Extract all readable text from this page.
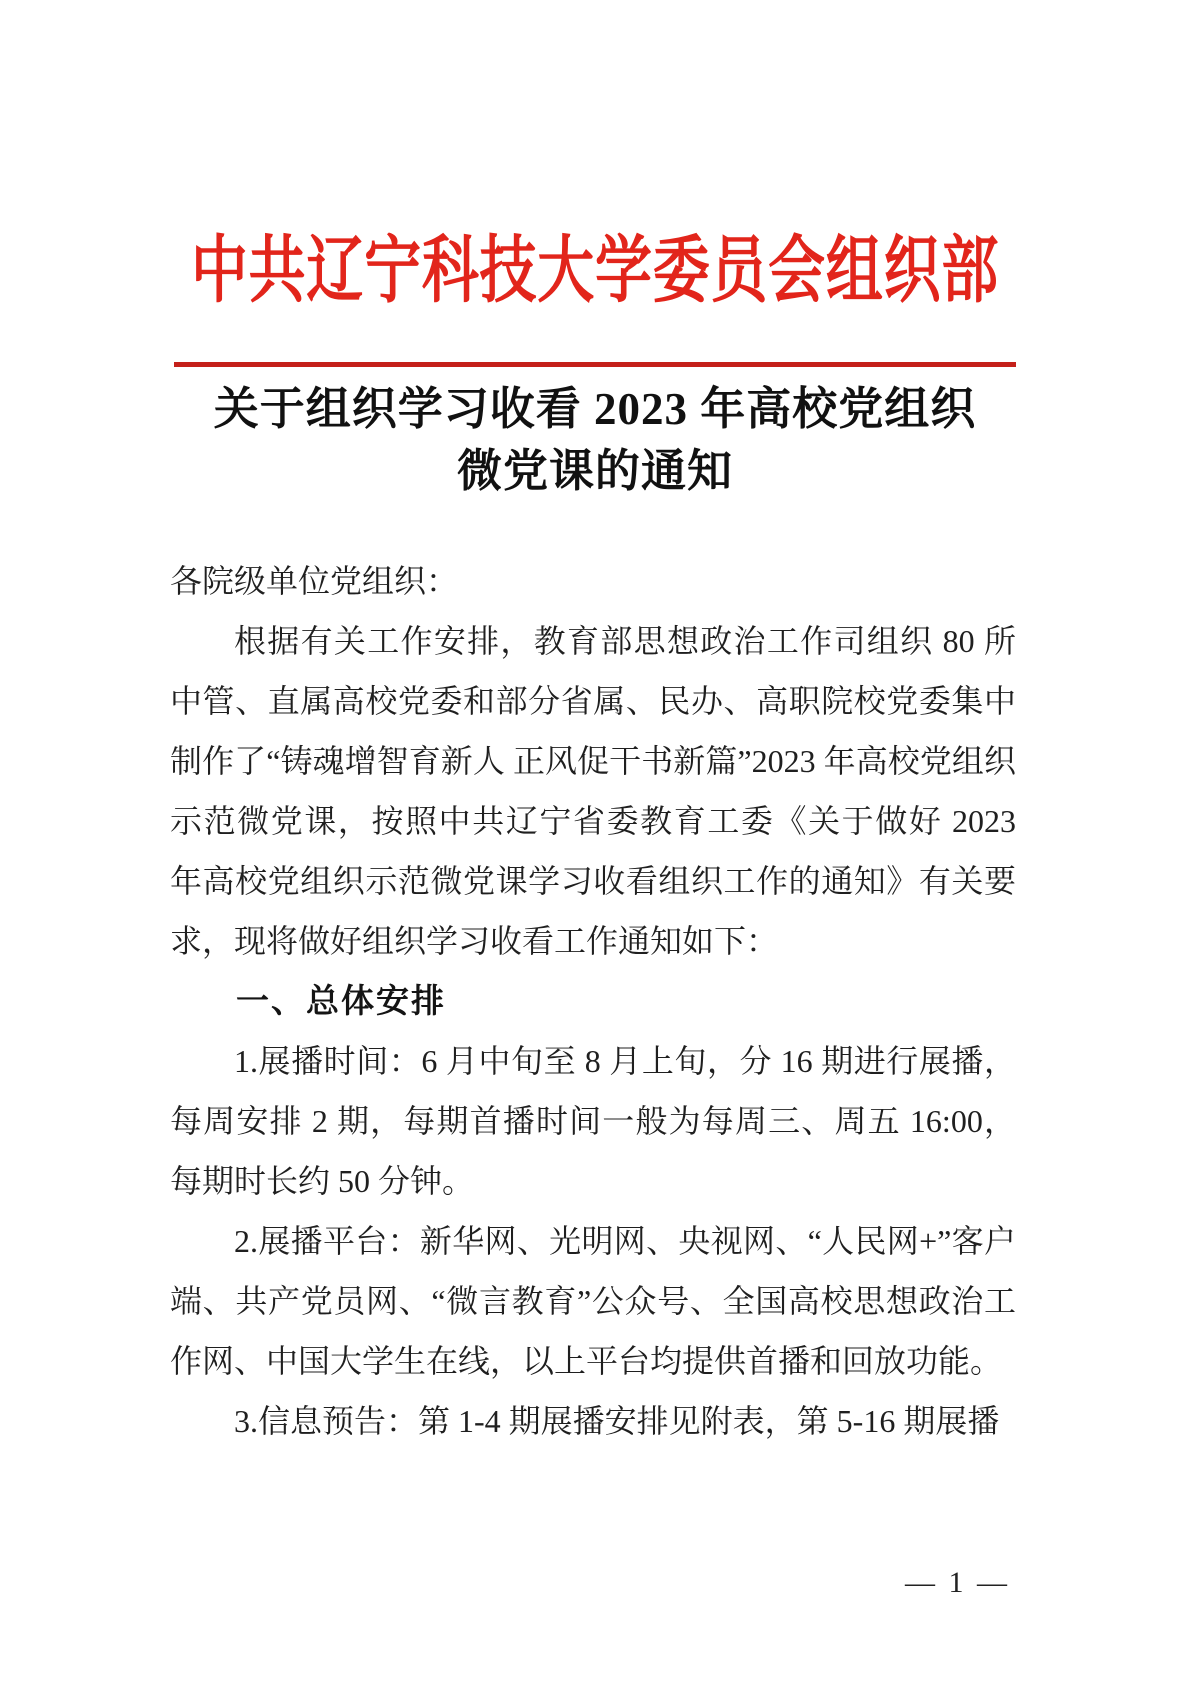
中共辽宁科技大学委员会组织部
关于组织学习收看 2023 年高校党组织
微党课的通知

各院级单位党组织：

根据有关工作安排，教育部思想政治工作司组织 80 所中管、直属高校党委和部分省属、民办、高职院校党委集中制作了“铸魂增智育新人 正风促干书新篇”2023 年高校党组织示范微党课，按照中共辽宁省委教育工委《关于做好 2023 年高校党组织示范微党课学习收看组织工作的通知》有关要求，现将做好组织学习收看工作通知如下：

一、总体安排

1.展播时间：6 月中旬至 8 月上旬，分 16 期进行展播，每周安排 2 期，每期首播时间一般为每周三、周五 16:00，每期时长约 50 分钟。

2.展播平台：新华网、光明网、央视网、“人民网+”客户端、共产党员网、“微言教育”公众号、全国高校思想政治工作网、中国大学生在线，以上平台均提供首播和回放功能。

3.信息预告：第 1-4 期展播安排见附表，第 5-16 期展播

— 1 —
